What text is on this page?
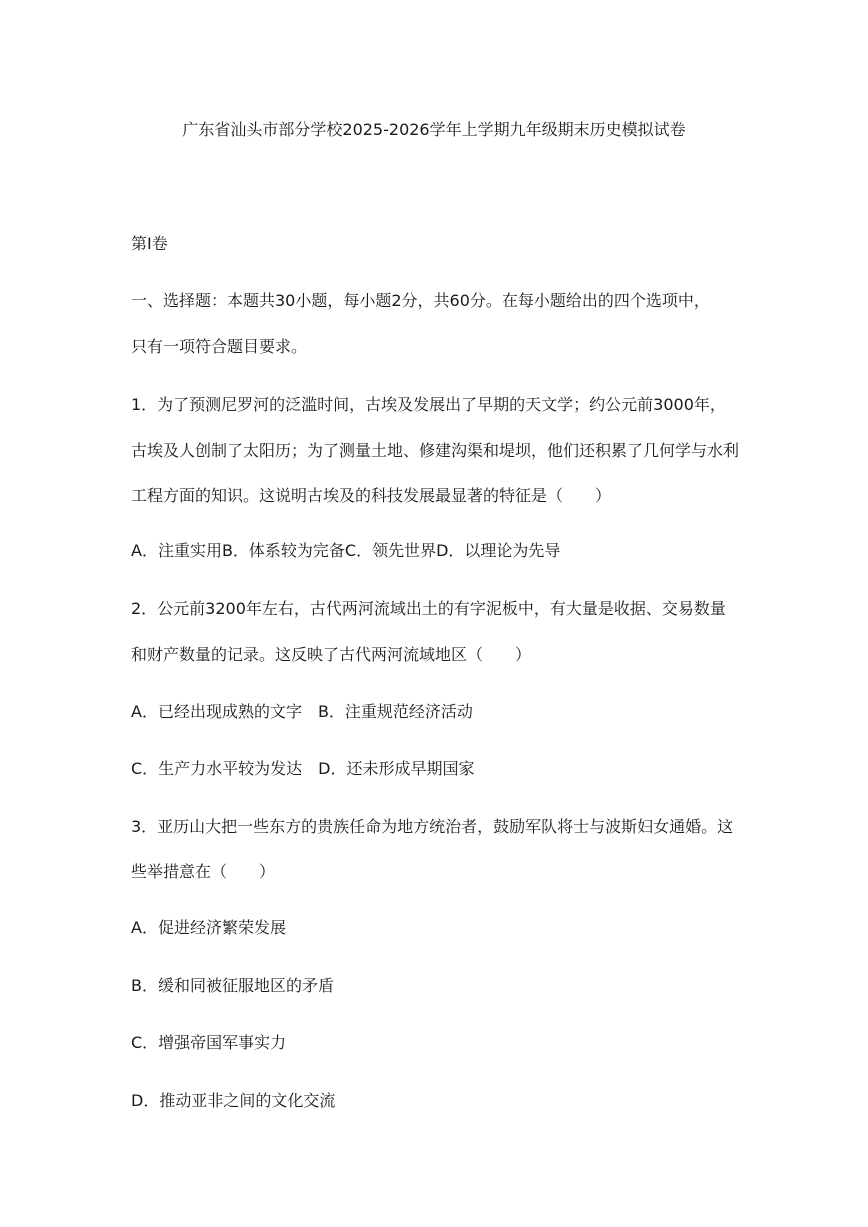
广东省汕头市部分学校2025-2026学年上学期九年级期末历史模拟试卷
第I卷
一、选择题：本题共30小题，每小题2分，共60分。在每小题给出的四个选项中，
只有一项符合题目要求。
1．为了预测尼罗河的泛滥时间，古埃及发展出了早期的天文学；约公元前3000年，
古埃及人创制了太阳历；为了测量土地、修建沟渠和堤坝，他们还积累了几何学与水利
工程方面的知识。这说明古埃及的科技发展最显著的特征是（　　）
A．注重实用B．体系较为完备C．领先世界D．以理论为先导
2．公元前3200年左右，古代两河流域出土的有字泥板中，有大量是收据、交易数量
和财产数量的记录。这反映了古代两河流域地区（　　）
A．已经出现成熟的文字　B．注重规范经济活动
C．生产力水平较为发达　D．还未形成早期国家
3．亚历山大把一些东方的贵族任命为地方统治者，鼓励军队将士与波斯妇女通婚。这
些举措意在（　　）
A．促进经济繁荣发展
B．缓和同被征服地区的矛盾
C．增强帝国军事实力
D．推动亚非之间的文化交流
